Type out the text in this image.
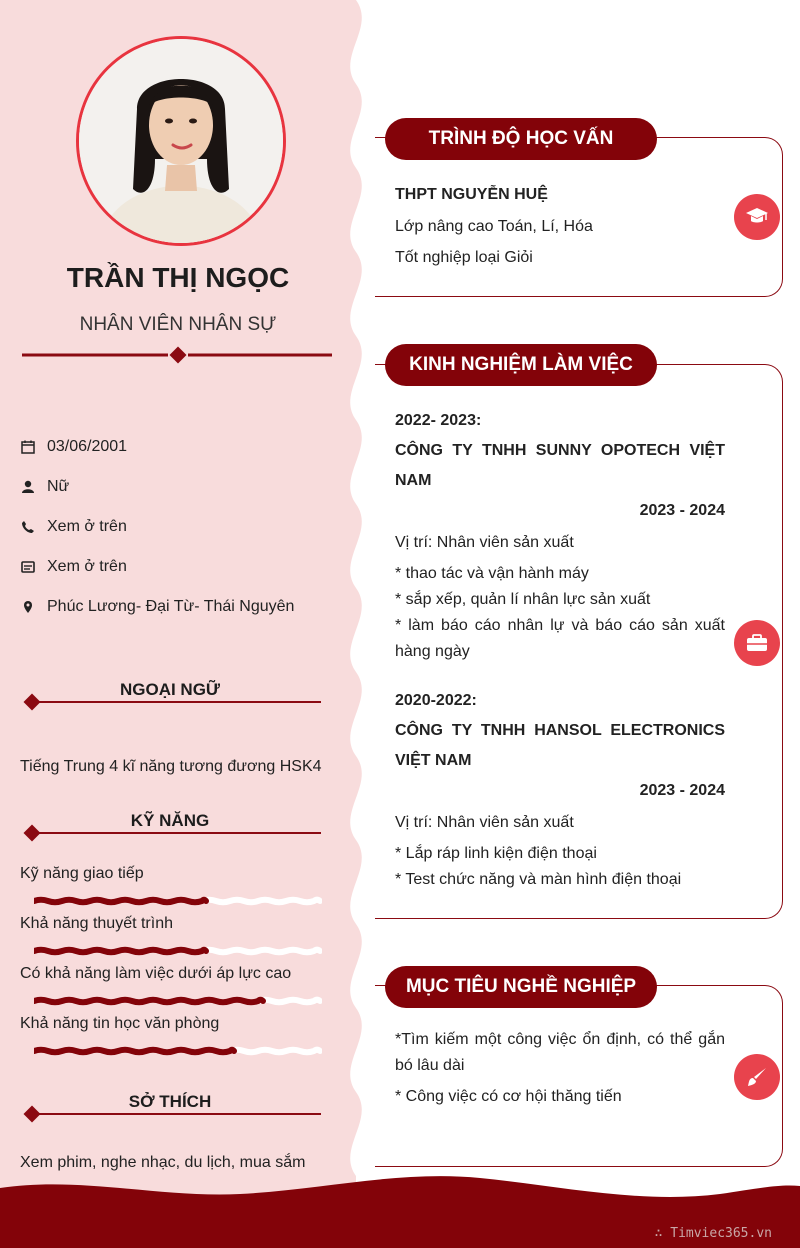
TRẦN THỊ NGỌC
NHÂN VIÊN NHÂN SỰ
03/06/2001
Nữ
Xem ở trên
Xem ở trên
Phúc Lương- Đại Từ- Thái Nguyên
NGOẠI NGỮ
Tiếng Trung 4 kĩ năng tương đương HSK4
KỸ NĂNG
Kỹ năng giao tiếp
Khả năng thuyết trình
Có khả năng làm việc dưới áp lực cao
Khả năng tin học văn phòng
SỞ THÍCH
Xem phim, nghe nhạc, du lịch, mua sắm
TRÌNH ĐỘ HỌC VẤN
THPT NGUYỄN HUỆ
Lớp nâng cao Toán, Lí, Hóa
Tốt nghiệp loại Giỏi
KINH NGHIỆM LÀM VIỆC
2022- 2023:
CÔNG TY TNHH SUNNY OPOTECH VIỆT
NAM
2023 - 2024
Vị trí: Nhân viên sản xuất
* thao tác và vận hành máy
* sắp xếp, quản lí nhân lực sản xuất
* làm báo cáo nhân lự và báo cáo sản xuất
hàng ngày
2020-2022:
CÔNG TY TNHH HANSOL ELECTRONICS
VIỆT NAM
2023 - 2024
Vị trí: Nhân viên sản xuất
* Lắp ráp linh kiện điện thoại
* Test chức năng và màn hình điện thoại
MỤC TIÊU NGHỀ NGHIỆP
*Tìm kiếm một công việc ổn định, có thể gắn
bó lâu dài
* Công việc có cơ hội thăng tiến
∴ Timviec365.vn
